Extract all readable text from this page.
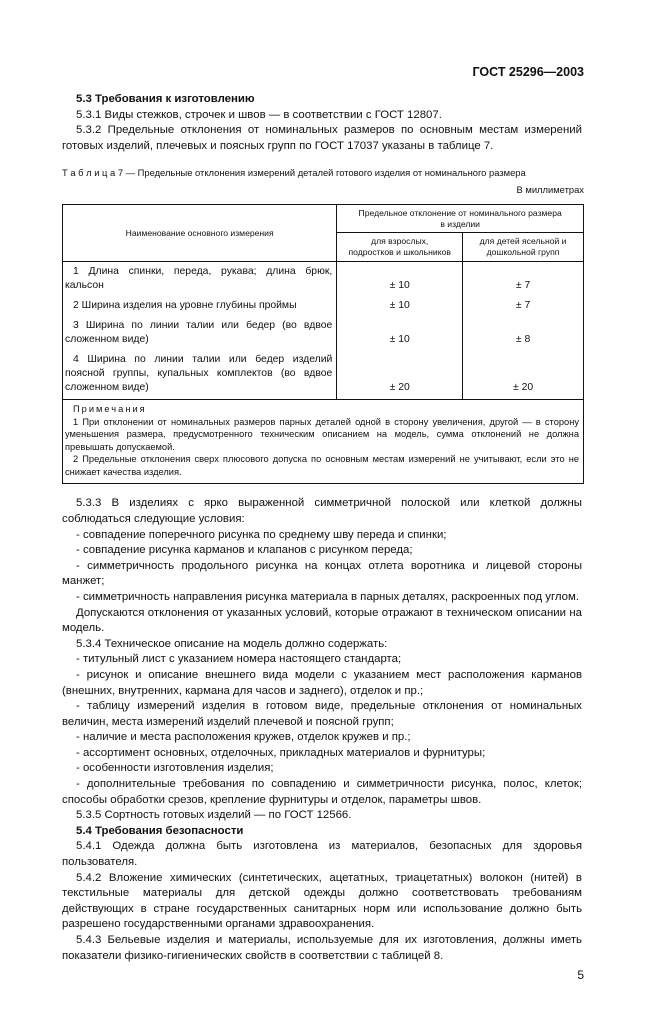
ГОСТ 25296—2003

5.3 Требования к изготовлению

5.3.1 Виды стежков, строчек и швов — в соответствии с ГОСТ 12807.

5.3.2 Предельные отклонения от номинальных размеров по основным местам измерений готовых изделий, плечевых и поясных групп по ГОСТ 17037 указаны в таблице 7.

Т а б л и ц а 7 — Предельные отклонения измерений деталей готового изделия от номинального размера
В миллиметрах
Наименование основного измерения	Предельное отклонение от номинального размера в изделии	
	для взрослых, подростков и школьников	для детей ясельной и дошкольной групп
1 Длина спинки, переда, рукава; длина брюк, кальсон	± 10	± 7
2 Ширина изделия на уровне глубины проймы	± 10	± 7
3 Ширина по линии талии или бедер (во вдвое сложенном виде)	± 10	± 8
4 Ширина по линии талии или бедер изделий поясной группы, купальных комплектов (во вдвое сложенном виде)	± 20	± 20

Примечания

1 При отклонении от номинальных размеров парных деталей одной в сторону увеличения, другой — в сторону уменьшения размера, предусмотренного техническим описанием на модель, сумма отклонений не должна превышать допускаемой.

2 Предельные отклонения сверх плюсового допуска по основным местам измерений не учитывают, если это не снижает качества изделия.		

5.3.3 В изделиях с ярко выраженной симметричной полоской или клеткой должны соблюдаться следующие условия:

- совпадение поперечного рисунка по среднему шву переда и спинки;

- совпадение рисунка карманов и клапанов с рисунком переда;

- симметричность продольного рисунка на концах отлета воротника и лицевой стороны манжет;

- симметричность направления рисунка материала в парных деталях, раскроенных под углом.

Допускаются отклонения от указанных условий, которые отражают в техническом описании на модель.

5.3.4 Техническое описание на модель должно содержать:

- титульный лист с указанием номера настоящего стандарта;

- рисунок и описание внешнего вида модели с указанием мест расположения карманов (внешних, внутренних, кармана для часов и заднего), отделок и пр.;

- таблицу измерений изделия в готовом виде, предельные отклонения от номинальных величин, места измерений изделий плечевой и поясной групп;

- наличие и места расположения кружев, отделок кружев и пр.;

- ассортимент основных, отделочных, прикладных материалов и фурнитуры;

- особенности изготовления изделия;

- дополнительные требования по совпадению и симметричности рисунка, полос, клеток; способы обработки срезов, крепление фурнитуры и отделок, параметры швов.

5.3.5 Сортность готовых изделий — по ГОСТ 12566.

5.4 Требования безопасности

5.4.1 Одежда должна быть изготовлена из материалов, безопасных для здоровья пользователя.

5.4.2 Вложение химических (синтетических, ацетатных, триацетатных) волокон (нитей) в текстильные материалы для детской одежды должно соответствовать требованиям действующих в стране государственных санитарных норм или использование должно быть разрешено государственными органами здравоохранения.

5.4.3 Бельевые изделия и материалы, используемые для их изготовления, должны иметь показатели физико-гигиенических свойств в соответствии с таблицей 8.

5
